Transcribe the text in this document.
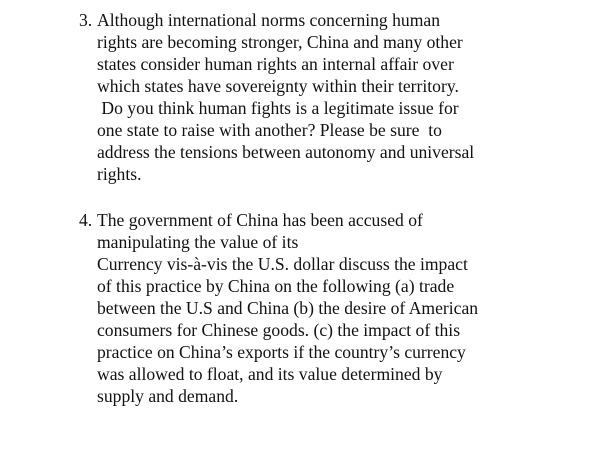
3. Although international norms concerning human
rights are becoming stronger, China and many other
states consider human rights an internal affair over
which states have sovereignty within their territory.
Do you think human fights is a legitimate issue for
one state to raise with another? Please be sure  to
address the tensions between autonomy and universal
rights.
4. The government of China has been accused of
manipulating the value of its
Currency vis-à-vis the U.S. dollar discuss the impact
of this practice by China on the following (a) trade
between the U.S and China (b) the desire of American
consumers for Chinese goods. (c) the impact of this
practice on China’s exports if the country’s currency
was allowed to float, and its value determined by
supply and demand.
